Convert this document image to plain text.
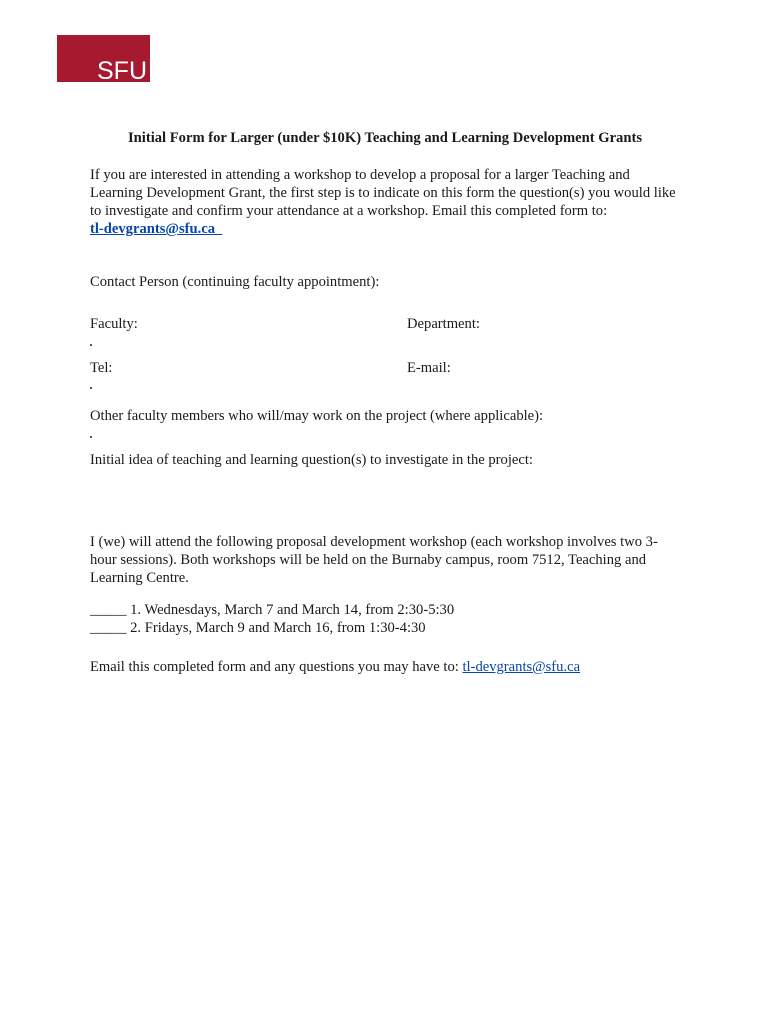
SFU
Initial Form for Larger (under $10K) Teaching and Learning Development Grants
If you are interested in attending a workshop to develop a proposal for a larger Teaching and
Learning Development Grant, the first step is to indicate on this form the question(s) you would like
to investigate and confirm your attendance at a workshop. Email this completed form to:
tl-devgrants@sfu.ca
Contact Person (continuing faculty appointment):
Faculty:	Department:
Tel:	E-mail:
Other faculty members who will/may work on the project (where applicable):
Initial idea of teaching and learning question(s) to investigate in the project:
I (we) will attend the following proposal development workshop (each workshop involves two 3-
hour sessions). Both workshops will be held on the Burnaby campus, room 7512, Teaching and
Learning Centre.
_____ 1. Wednesdays, March 7 and March 14, from 2:30-5:30
_____ 2. Fridays, March 9 and March 16, from 1:30-4:30
Email this completed form and any questions you may have to: tl-devgrants@sfu.ca
